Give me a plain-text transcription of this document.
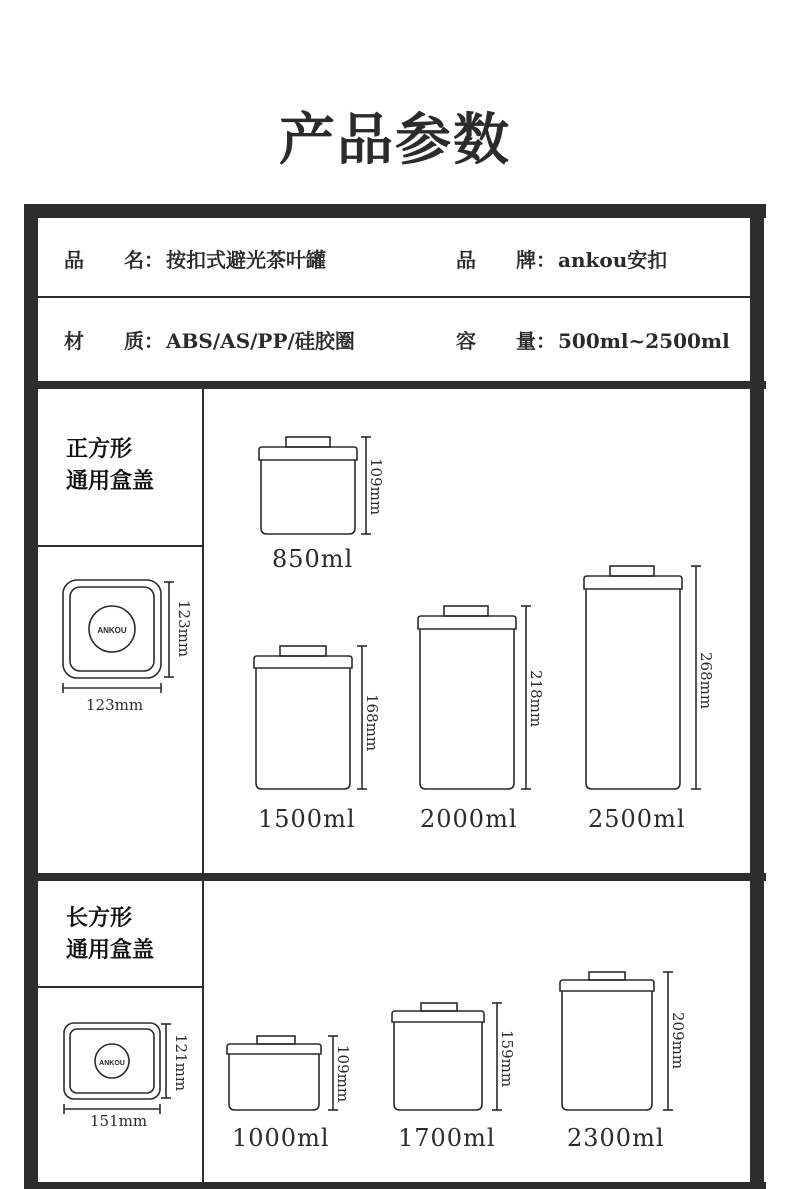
产品参数
品　　名： 按扣式避光茶叶罐	品　　牌： ankou安扣
材　　质： ABS/AS/PP/硅胶圈	容　　量： 500ml~2500ml
正方形
通用盒盖
长方形
通用盒盖
ANKOU
ANKOU
123mm
123mm
121mm
151mm
109mm
168mm	218mm	268mm
850ml
1500ml	2000ml	2500ml
109mm	159mm	209mm
1000ml	1700ml	2300ml
